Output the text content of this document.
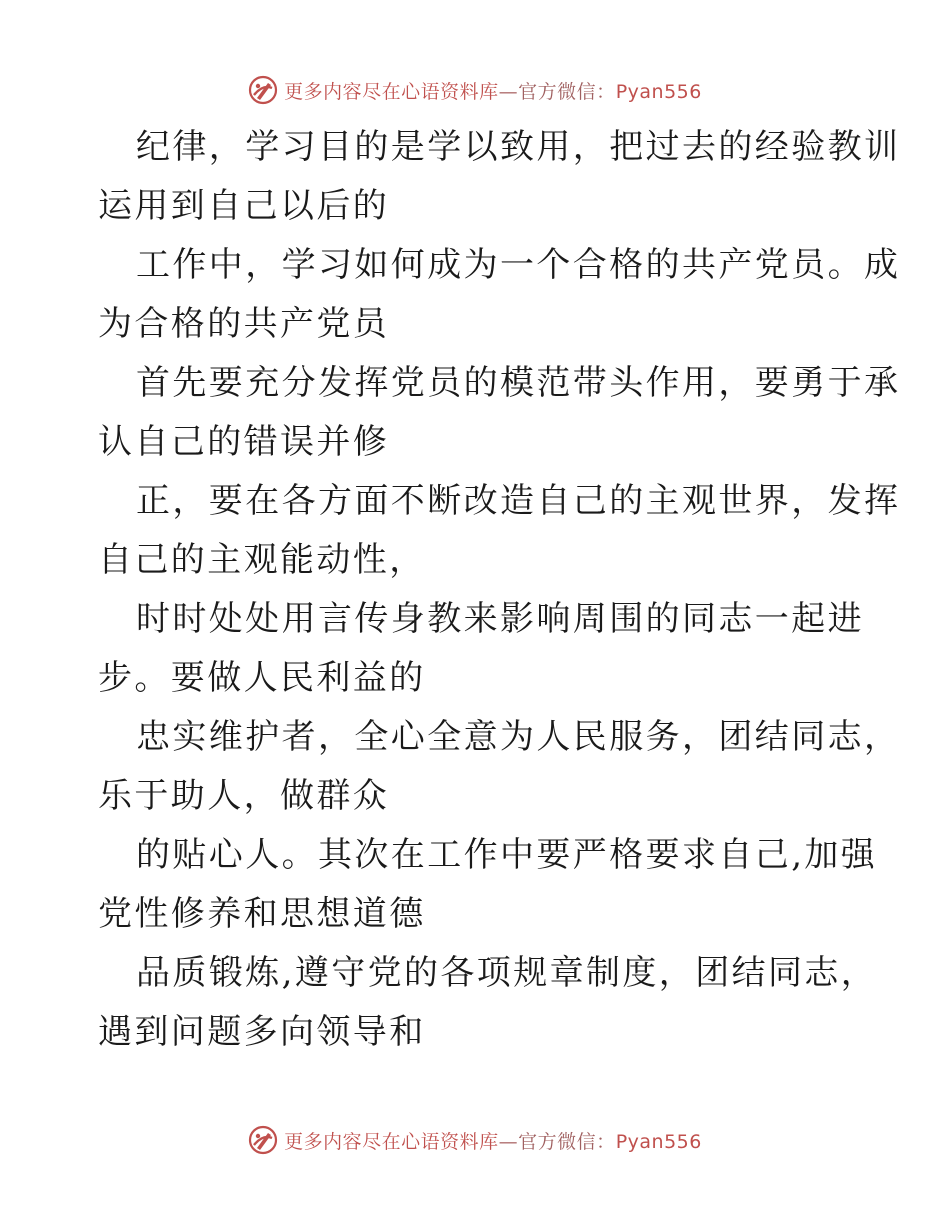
更多内容尽在心语资料库—官方微信：Pyan556

纪律，学习目的是学以致用，把过去的经验教训
运用到自己以后的

工作中，学习如何成为一个合格的共产党员。成
为合格的共产党员

首先要充分发挥党员的模范带头作用，要勇于承
认自己的错误并修

正，要在各方面不断改造自己的主观世界，发挥
自己的主观能动性，

时时处处用言传身教来影响周围的同志一起进
步。要做人民利益的

忠实维护者，全心全意为人民服务，团结同志，
乐于助人，做群众

的贴心人。其次在工作中要严格要求自己,加强
党性修养和思想道德

品质锻炼,遵守党的各项规章制度，团结同志，
遇到问题多向领导和

更多内容尽在心语资料库—官方微信：Pyan556
